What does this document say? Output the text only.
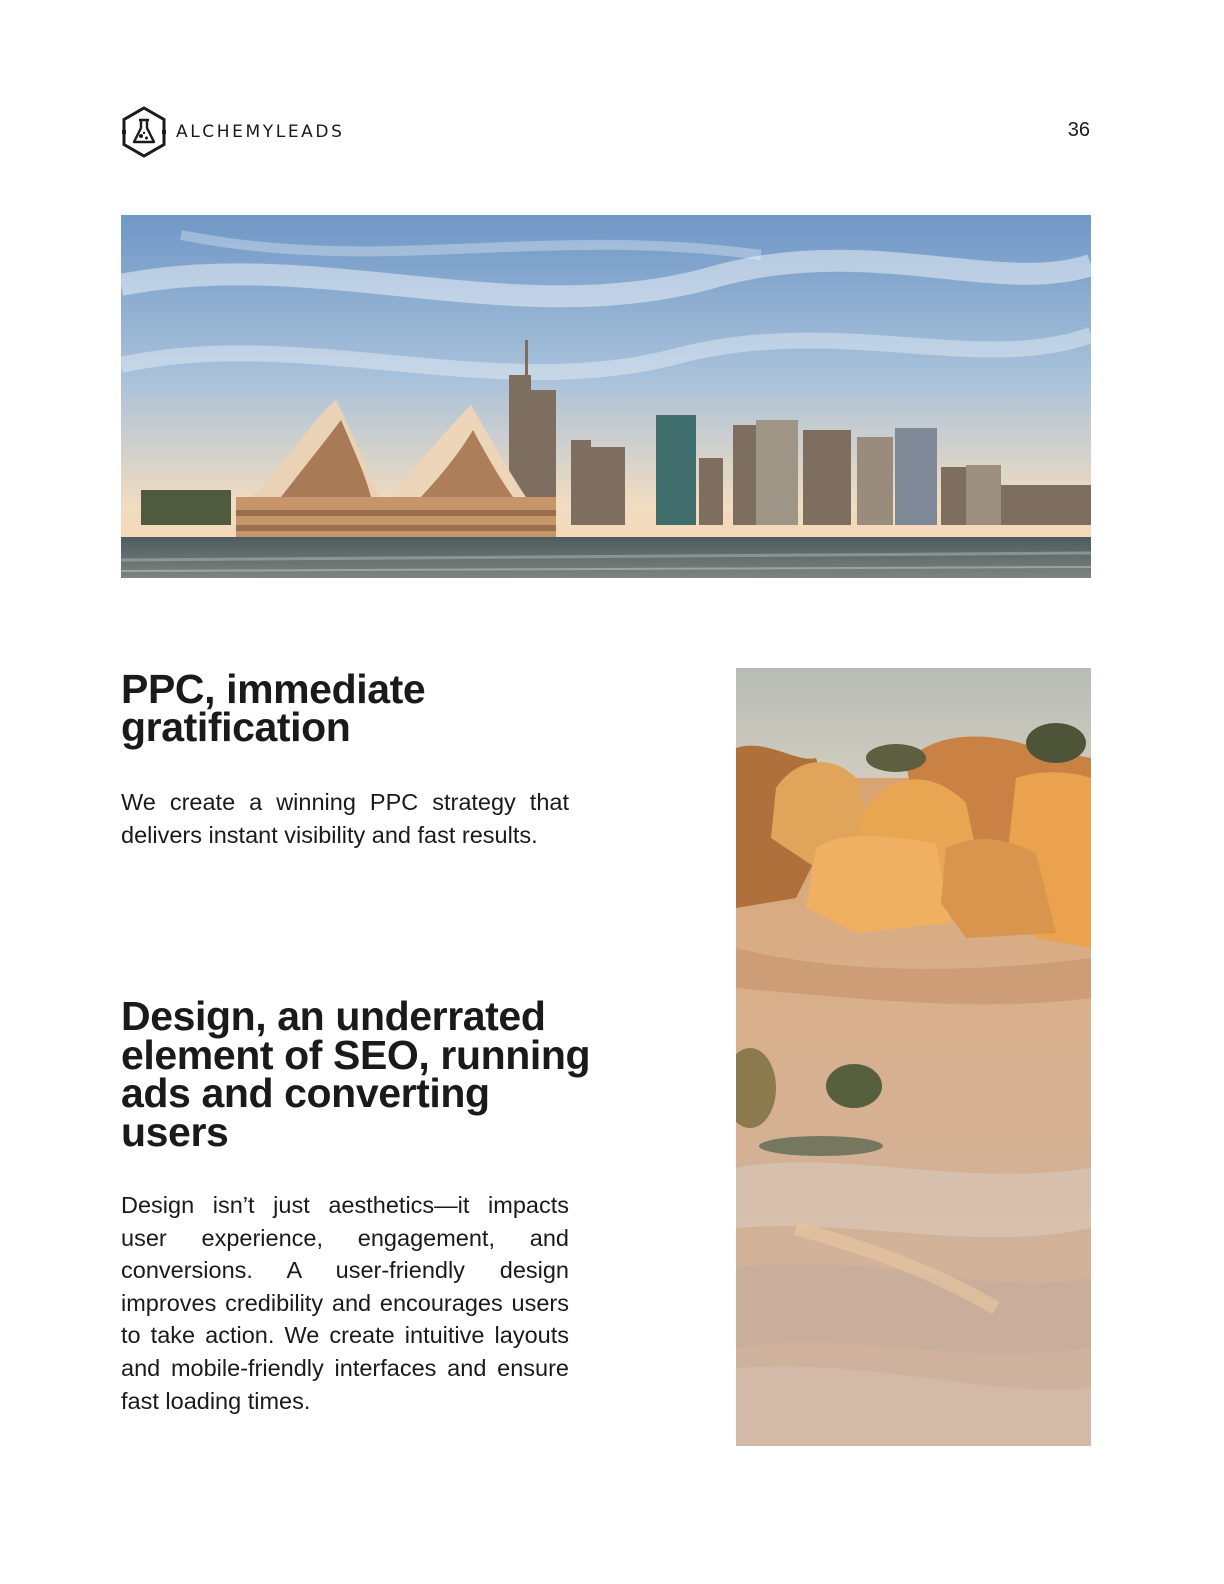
ALCHEMYLEADS	36
PPC, immediate gratification

We create a winning PPC strategy that delivers instant visibility and fast results.

Design, an underrated element of SEO, running ads and converting users

Design isn’t just aesthetics—it impacts user experience, engagement, and conversions. A user-friendly design improves credibility and encourages users to take action. We create intuitive layouts and mobile-friendly interfaces and ensure fast loading times.
